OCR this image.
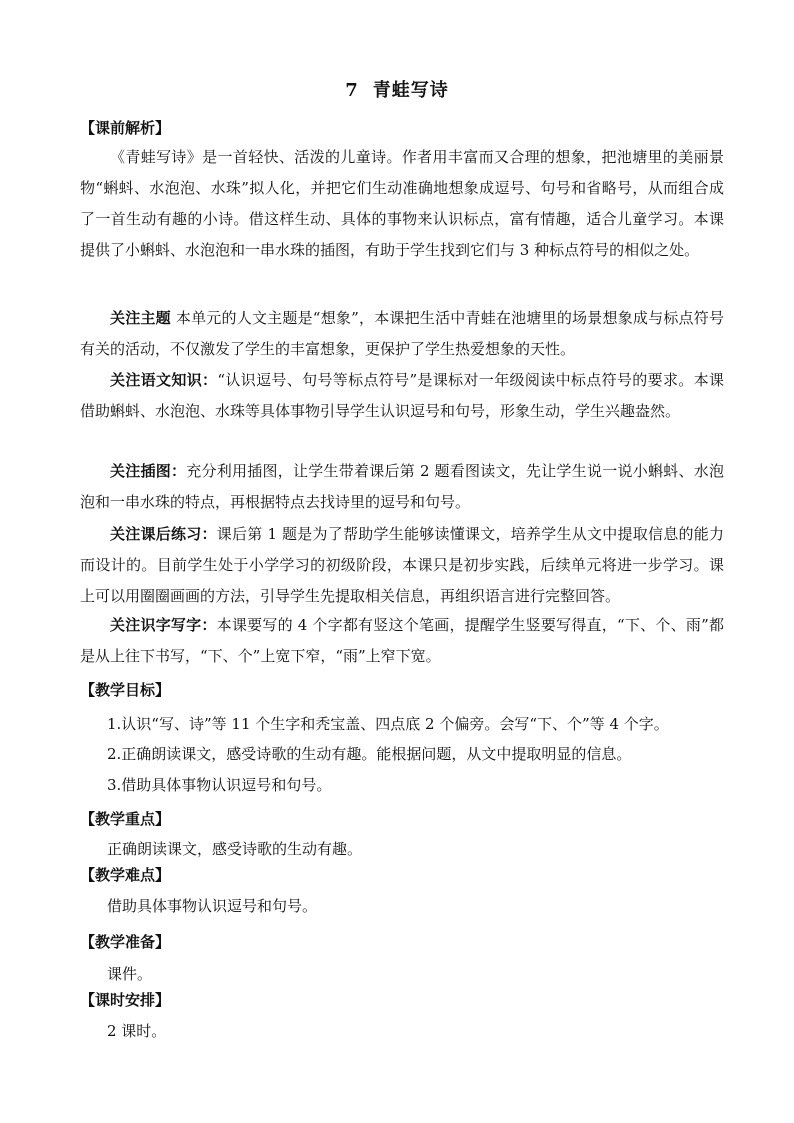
7 青蛙写诗
【课前解析】
《青蛙写诗》是一首轻快、活泼的儿童诗。作者用丰富而又合理的想象，把池塘里的美丽景物“蝌蚪、水泡泡、水珠”拟人化，并把它们生动准确地想象成逗号、句号和省略号，从而组合成了一首生动有趣的小诗。借这样生动、具体的事物来认识标点，富有情趣，适合儿童学习。本课提供了小蝌蚪、水泡泡和一串水珠的插图，有助于学生找到它们与 3 种标点符号的相似之处。
关注主题 本单元的人文主题是“想象”，本课把生活中青蛙在池塘里的场景想象成与标点符号有关的活动，不仅激发了学生的丰富想象，更保护了学生热爱想象的天性。
关注语文知识：“认识逗号、句号等标点符号”是课标对一年级阅读中标点符号的要求。本课借助蝌蚪、水泡泡、水珠等具体事物引导学生认识逗号和句号，形象生动，学生兴趣盎然。
关注插图：充分利用插图，让学生带着课后第 2 题看图读文，先让学生说一说小蝌蚪、水泡泡和一串水珠的特点，再根据特点去找诗里的逗号和句号。
关注课后练习：课后第 1 题是为了帮助学生能够读懂课文，培养学生从文中提取信息的能力而设计的。目前学生处于小学学习的初级阶段，本课只是初步实践，后续单元将进一步学习。课上可以用圈圈画画的方法，引导学生先提取相关信息，再组织语言进行完整回答。
关注识字写字：本课要写的 4 个字都有竖这个笔画，提醒学生竖要写得直，“下、个、雨”都是从上往下书写，“下、个”上宽下窄，“雨”上窄下宽。
【教学目标】
1.认识“写、诗”等 11 个生字和秃宝盖、四点底 2 个偏旁。会写“下、个”等 4 个字。
2.正确朗读课文，感受诗歌的生动有趣。能根据问题，从文中提取明显的信息。
3.借助具体事物认识逗号和句号。
【教学重点】
正确朗读课文，感受诗歌的生动有趣。
【教学难点】
借助具体事物认识逗号和句号。
【教学准备】
课件。
【课时安排】
2 课时。
